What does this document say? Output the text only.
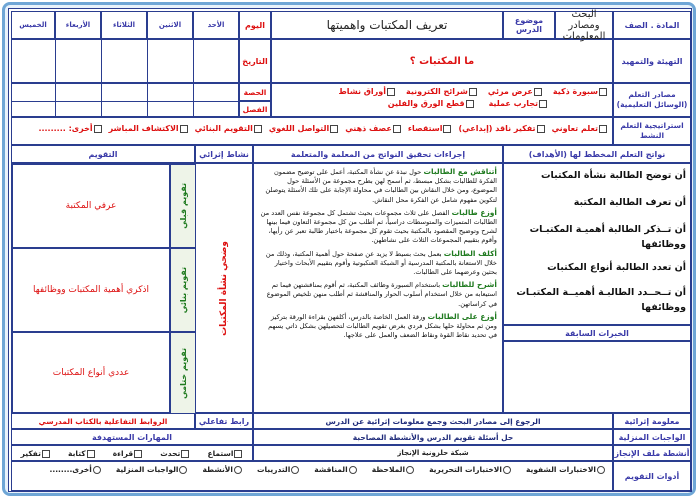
المادة . الصف
البحث ومصادر المعلومات
موضوع الدرس
تعريف المكتبات واهميتها
اليوم
الأحد
الاثنين
الثلاثاء
الأربعاء
الخميس
التاريخ	التهيئة والتمهيد
ما المكتبات ؟
الحصة
الفصل
مصادر التعلم (الوسائل التعليمية)
سبورة ذكية
عرض مرئي
شرائح الكترونية
أوراق نشاط
تجارب عملية
قطع الورق والفلين
استراتيجية التعلم النشط
تعلم تعاوني
تفكير ناقد (إبداعي)
استقصاء
عصف ذهني
التواصل اللغوي
التقويم البنائي
الاكتشاف المباشر
أخرى: .........
نواتج التعلم المخطط لها (الأهداف)
إجراءات تحقيق النواتج من المعلمة والمتعلمة
نشاط إثرائي
التقويم
أن توضح الطالبة نشأة المكتبات
أن تعرف الطالبة المكتبة
أن تــذكر الطالبة أهميـة المكتبـات ووظائفها
أن تعدد الطالبة أنواع المكتبات
أن تــحــدد الطالبـة أهميــة المكتبـات ووظائفها
الخبرات السابقة
أتناقش مع الطالبات حول نبذة عن نشأة المكتبة، أعمل على توضيح مضمون الفكرة للطالبات بشكل مبسط، ثم أسمح لهن بطرح مجموعة من الأسئلة حول الموضوع، ومن خلال النقاش بين الطالبات في محاولة الإجابة على تلك الأسئلة يتوصلن لتكوين مفهوم شامل عن الفكرة محل النقاش.
أوزع طالبات الفصل على ثلاث مجموعات بحيث تشتمل كل مجموعة نفس العدد من الطالبات المتميزات والمتوسطات دراسياً، ثم أطلب من كل مجموعة التعاون فيما بينها لشرح وتوضيح المقصود بالمكتبة بحيث تقوم كل مجموعة باختيار طالبة تعبر عن رأيها، وأقوم بتقييم المجموعات الثلاث على نشاطهن.
أكلف الطالبات بعمل بحث بسيط لا يزيد عن صفحة حول أهمية المكتبة، وذلك من خلال الاستعانة بالمكتبة المدرسية أو الشبكة العنكبوتية وأقوم بتقييم الأبحاث واختيار بحثين وعرضهما على الطالبات.
أشرح للطالبات باستخدام السبورة وظائف المكتبة، ثم أقوم بمناقشتهن فيما تم استيعابه من خلال استخدام أسلوب الحوار والمناقشة ثم أطلب منهن تلخيص الموضوع في كراساتهن.
أوزع على الطالبات ورقة العمل الخاصة بالدرس، أكلفهن بقراءة الورقة بتركيز ومن ثم محاولة حلها بشكل فردي بغرض تقويم الطالبات لتحصيلهن بشكل ذاتي يسهم في تحديد نقاط القوة ونقاط الضعف والعمل على علاجها.
وضحي نشأة المكتبات
تقويم قبلي
تقويم بنائي
تقويم ختامي
عرفي المكتبة
اذكري أهمية المكتبات ووظائفها
عددي أنواع المكتبات
معلومة إثرائية
الرجوع إلى مصادر البحث وجمع معلومات إثرائية عن الدرس
رابط تفاعلي
الروابط التفاعلية بالكتاب المدرسي
الواجبات المنزلية
حل أسئلة تقويم الدرس والأنشطة المصاحبة
المهارات المستهدفة
أنشطة ملف الإنجاز
شبكة حلزونية الإنجاز
استماع
تحدث
قراءة
كتابة
تفكير
أدوات التقويم
الاختبارات الشفوية
الاختبارات التحريرية
الملاحظة
المناقشة
التدريبات
الأنشطة
الواجبات المنزلية
أخرى........
